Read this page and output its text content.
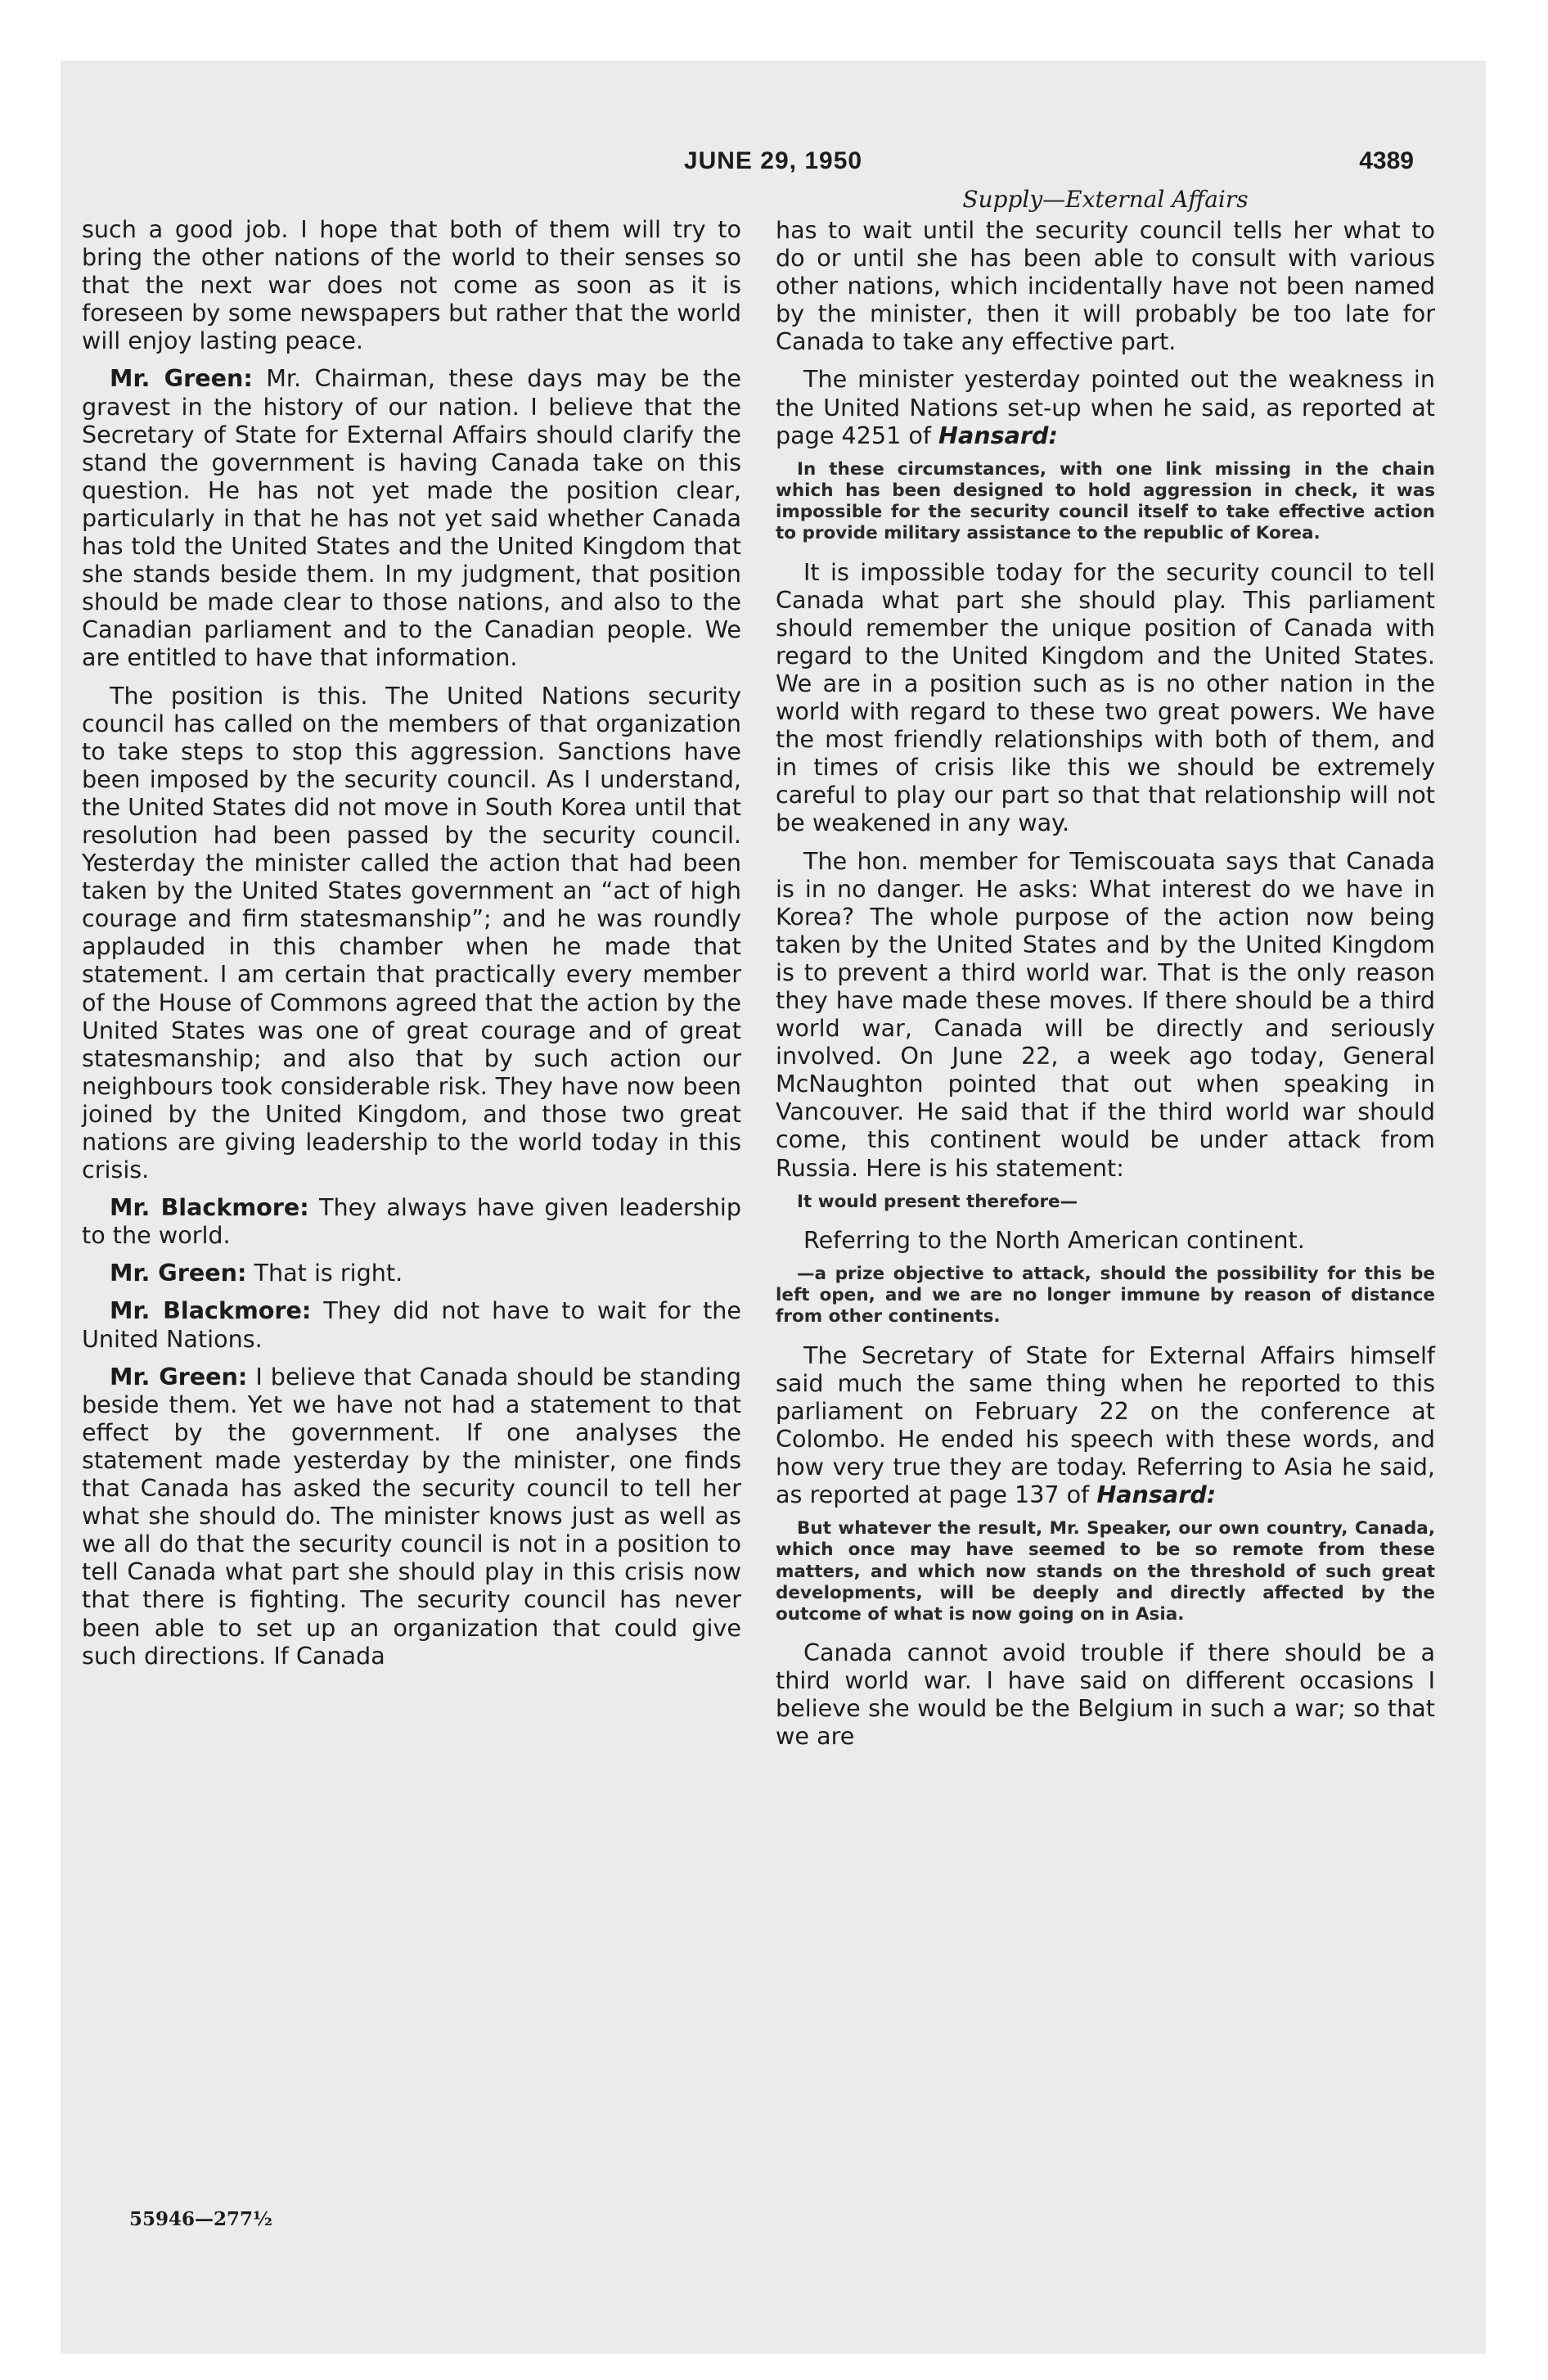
JUNE 29, 1950	4389

such a good job. I hope that both of them will try to bring the other nations of the world to their senses so that the next war does not come as soon as it is foreseen by some newspapers but rather that the world will enjoy lasting peace.

Mr. Green: Mr. Chairman, these days may be the gravest in the history of our nation. I believe that the Secretary of State for External Affairs should clarify the stand the government is having Canada take on this question. He has not yet made the position clear, particularly in that he has not yet said whether Canada has told the United States and the United Kingdom that she stands beside them. In my judgment, that position should be made clear to those nations, and also to the Canadian parliament and to the Canadian people. We are entitled to have that information.

The position is this. The United Nations security council has called on the members of that organization to take steps to stop this aggression. Sanctions have been imposed by the security council. As I understand, the United States did not move in South Korea until that resolution had been passed by the security council. Yesterday the minister called the action that had been taken by the United States government an “act of high courage and firm statesmanship”; and he was roundly applauded in this chamber when he made that statement. I am certain that practically every member of the House of Commons agreed that the action by the United States was one of great courage and of great statesmanship; and also that by such action our neighbours took considerable risk. They have now been joined by the United Kingdom, and those two great nations are giving leadership to the world today in this crisis.

Mr. Blackmore: They always have given leadership to the world.

Mr. Green: That is right.

Mr. Blackmore: They did not have to wait for the United Nations.

Mr. Green: I believe that Canada should be standing beside them. Yet we have not had a statement to that effect by the government. If one analyses the statement made yesterday by the minister, one finds that Canada has asked the security council to tell her what she should do. The minister knows just as well as we all do that the security council is not in a position to tell Canada what part she should play in this crisis now that there is fighting. The security council has never been able to set up an organization that could give such directions. If Canada

Supply—External Affairs

has to wait until the security council tells her what to do or until she has been able to consult with various other nations, which incidentally have not been named by the minister, then it will probably be too late for Canada to take any effective part.

The minister yesterday pointed out the weakness in the United Nations set-up when he said, as reported at page 4251 of Hansard:

In these circumstances, with one link missing in the chain which has been designed to hold aggression in check, it was impossible for the security council itself to take effective action to provide military assistance to the republic of Korea.

It is impossible today for the security council to tell Canada what part she should play. This parliament should remember the unique position of Canada with regard to the United Kingdom and the United States. We are in a position such as is no other nation in the world with regard to these two great powers. We have the most friendly relationships with both of them, and in times of crisis like this we should be extremely careful to play our part so that that relationship will not be weakened in any way.

The hon. member for Temiscouata says that Canada is in no danger. He asks: What interest do we have in Korea? The whole purpose of the action now being taken by the United States and by the United Kingdom is to prevent a third world war. That is the only reason they have made these moves. If there should be a third world war, Canada will be directly and seriously involved. On June 22, a week ago today, General McNaughton pointed that out when speaking in Vancouver. He said that if the third world war should come, this continent would be under attack from Russia. Here is his statement:

It would present therefore—

Referring to the North American continent.

—a prize objective to attack, should the possibility for this be left open, and we are no longer immune by reason of distance from other continents.

The Secretary of State for External Affairs himself said much the same thing when he reported to this parliament on February 22 on the conference at Colombo. He ended his speech with these words, and how very true they are today. Referring to Asia he said, as reported at page 137 of Hansard:

But whatever the result, Mr. Speaker, our own country, Canada, which once may have seemed to be so remote from these matters, and which now stands on the threshold of such great developments, will be deeply and directly affected by the outcome of what is now going on in Asia.

Canada cannot avoid trouble if there should be a third world war. I have said on different occasions I believe she would be the Belgium in such a war; so that we are

55946—277½
